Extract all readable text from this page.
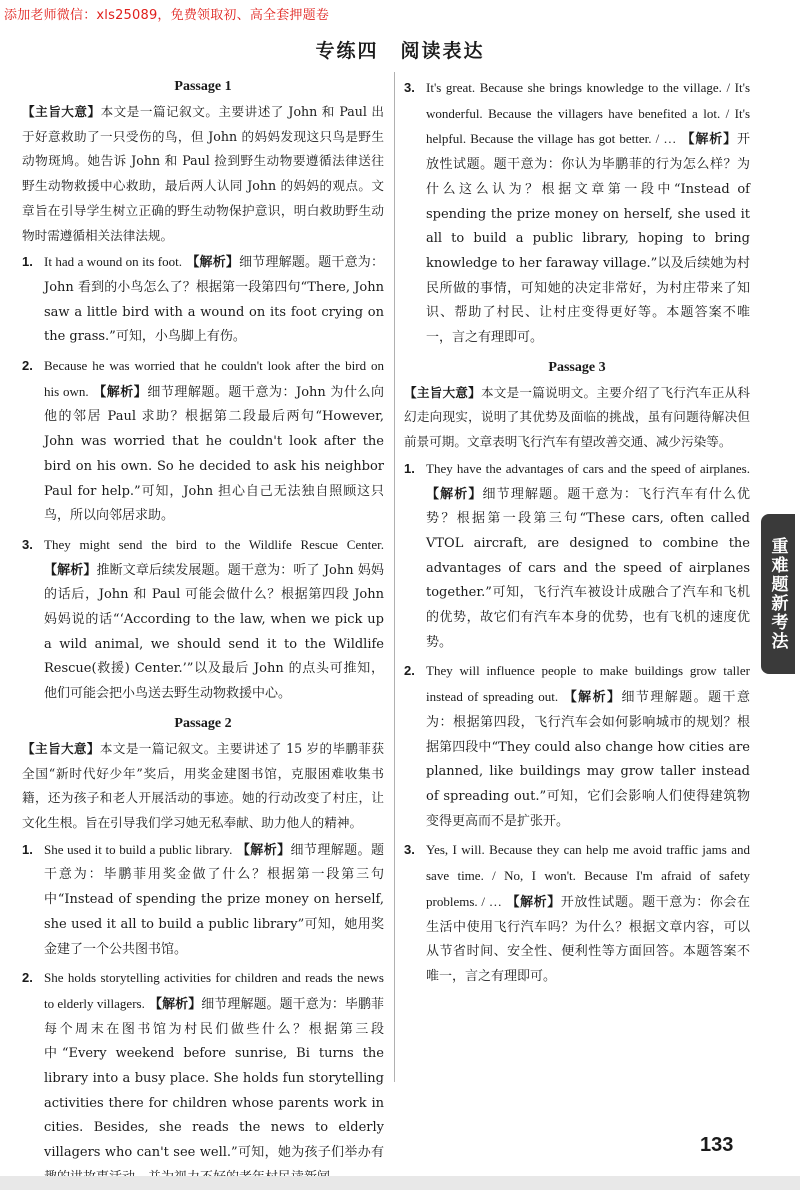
添加老师微信：xls25089，免费领取初、高全套押题卷
专练四 阅读表达

Passage 1

【主旨大意】本文是一篇记叙文。主要讲述了 John 和 Paul 出于好意救助了一只受伤的鸟，但 John 的妈妈发现这只鸟是野生动物斑鸠。她告诉 John 和 Paul 捡到野生动物要遵循法律送往野生动物救援中心救助，最后两人认同 John 的妈妈的观点。文章旨在引导学生树立正确的野生动物保护意识，明白救助野生动物时需遵循相关法律法规。

1. It had a wound on its foot. 【解析】细节理解题。题干意为：John 看到的小鸟怎么了？根据第一段第四句“There, John saw a little bird with a wound on its foot crying on the grass.”可知，小鸟脚上有伤。
2. Because he was worried that he couldn't look after the bird on his own. 【解析】细节理解题。题干意为：John 为什么向他的邻居 Paul 求助？根据第二段最后两句“However, John was worried that he couldn't look after the bird on his own. So he decided to ask his neighbor Paul for help.”可知，John 担心自己无法独自照顾这只鸟，所以向邻居求助。
3. They might send the bird to the Wildlife Rescue Center. 【解析】推断文章后续发展题。题干意为：听了 John 妈妈的话后，John 和 Paul 可能会做什么？根据第四段 John 妈妈说的话“‘According to the law, when we pick up a wild animal, we should send it to the Wildlife Rescue(救援) Center.’”以及最后 John 的点头可推知，他们可能会把小鸟送去野生动物救援中心。

Passage 2

【主旨大意】本文是一篇记叙文。主要讲述了 15 岁的毕鹏菲获全国“新时代好少年”奖后，用奖金建图书馆，克服困难收集书籍，还为孩子和老人开展活动的事迹。她的行动改变了村庄，让文化生根。旨在引导我们学习她无私奉献、助力他人的精神。

1. She used it to build a public library. 【解析】细节理解题。题干意为：毕鹏菲用奖金做了什么？根据第一段第三句中“Instead of spending the prize money on herself, she used it all to build a public library”可知，她用奖金建了一个公共图书馆。
2. She holds storytelling activities for children and reads the news to elderly villagers. 【解析】细节理解题。题干意为：毕鹏菲每个周末在图书馆为村民们做些什么？根据第三段中“Every weekend before sunrise, Bi turns the library into a busy place. She holds fun storytelling activities there for children whose parents work in cities. Besides, she reads the news to elderly villagers who can't see well.”可知，她为孩子们举办有
3. It's great. Because she brings knowledge to the village. / It's wonderful. Because the villagers have benefited a lot. / It's helpful. Because the village has got better. / … 【解析】开放性试题。题干意为：你认为毕鹏菲的行为怎么样？为什么这么认为？根据文章第一段中“Instead of spending the prize money on herself, she used it all to build a public library, hoping to bring knowledge to her faraway village.”以及后续她为村民所做的事情，可知她的决定非常好，为村庄带来了知识、帮助了村民、让村庄变得更好等。本题答案不唯一，言之有理即可。

Passage 3

【主旨大意】本文是一篇说明文。主要介绍了飞行汽车正从科幻走向现实，说明了其优势及面临的挑战，虽有问题待解决但前景可期。文章表明飞行汽车有望改善交通、减少污染等。

1. They have the advantages of cars and the speed of airplanes. 【解析】细节理解题。题干意为：飞行汽车有什么优势？根据第一段第三句“These cars, often called VTOL aircraft, are designed to combine the advantages of cars and the speed of airplanes together.”可知，飞行汽车被设计成融合了汽车和飞机的优势，故它们有汽车本身的优势，也有飞机的速度优势。
2. They will influence people to make buildings grow taller instead of spreading out. 【解析】细节理解题。题干意为：根据第四段，飞行汽车会如何影响城市的规划？根据第四段中“They could also change how cities are planned, like buildings may grow taller instead of spreading out.”可知，它们会影响人们使得建筑物变得更高而不是扩张开。
3. Yes, I will. Because they can help me avoid traffic jams and save time. / No, I won't. Because I'm afraid of safety problems. / … 【解析】开放性试题。题干意为：你会在生活中使用飞行汽车吗？为什么？根据文章内容，可以从节省时间、安全性、便利性等方面回答。本题答案不唯一，言之有理即可。
重难题新考法
133
